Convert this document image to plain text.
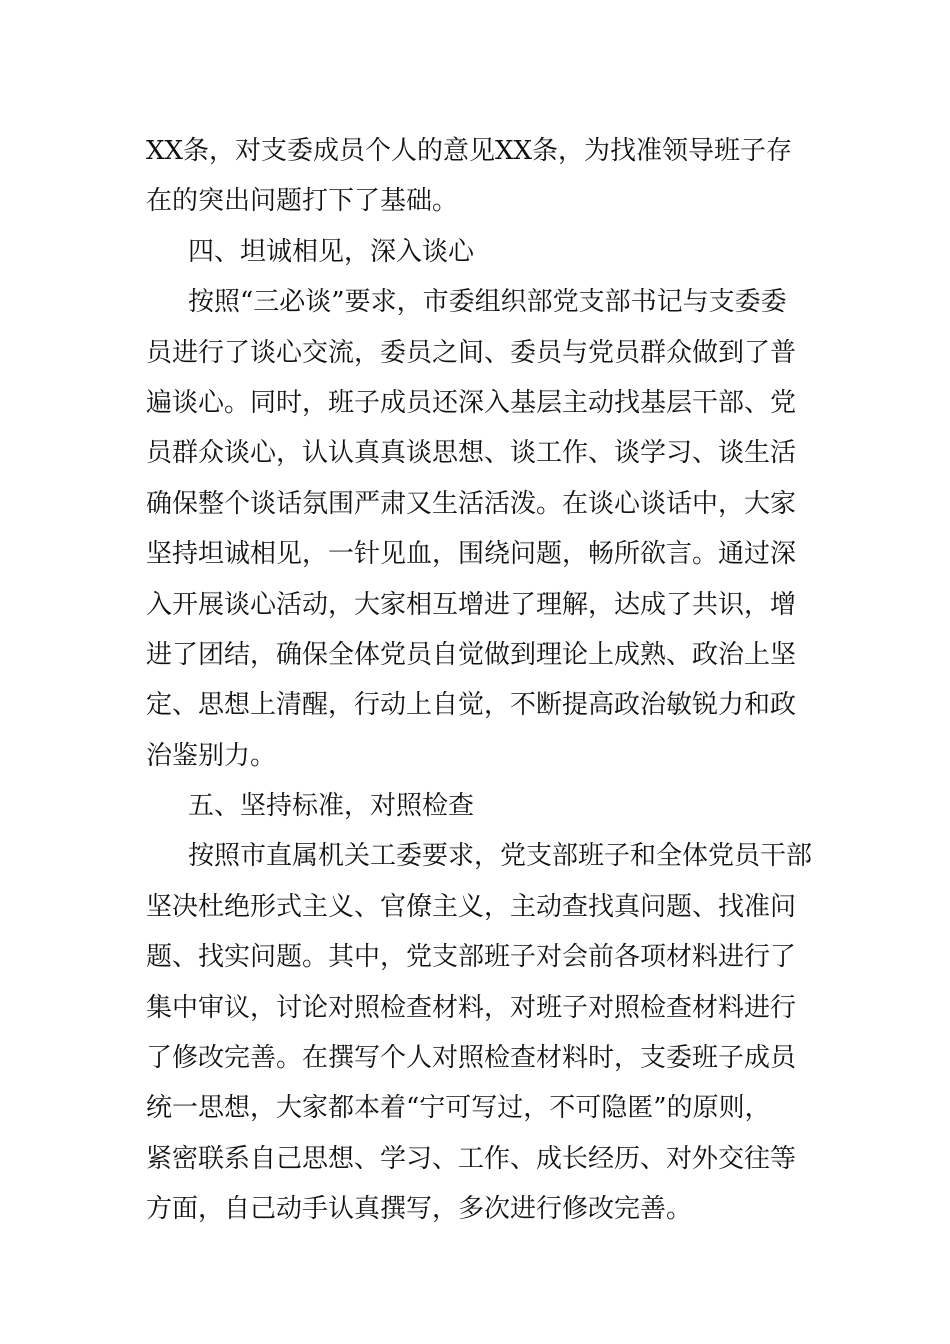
XX条，对支委成员个人的意见XX条，为找准领导班子存
在的突出问题打下了基础。
四、坦诚相见，深入谈心
按照“三必谈”要求，市委组织部党支部书记与支委委
员进行了谈心交流，委员之间、委员与党员群众做到了普
遍谈心。同时，班子成员还深入基层主动找基层干部、党
员群众谈心，认认真真谈思想、谈工作、谈学习、谈生活
确保整个谈话氛围严肃又生活活泼。在谈心谈话中，大家
坚持坦诚相见，一针见血，围绕问题，畅所欲言。通过深
入开展谈心活动，大家相互增进了理解，达成了共识，增
进了团结，确保全体党员自觉做到理论上成熟、政治上坚
定、思想上清醒，行动上自觉，不断提高政治敏锐力和政
治鉴别力。
五、坚持标准，对照检查
按照市直属机关工委要求，党支部班子和全体党员干部
坚决杜绝形式主义、官僚主义，主动查找真问题、找准问
题、找实问题。其中，党支部班子对会前各项材料进行了
集中审议，讨论对照检查材料，对班子对照检查材料进行
了修改完善。在撰写个人对照检查材料时，支委班子成员
统一思想，大家都本着“宁可写过，不可隐匿”的原则，
紧密联系自己思想、学习、工作、成长经历、对外交往等
方面，自己动手认真撰写，多次进行修改完善。
